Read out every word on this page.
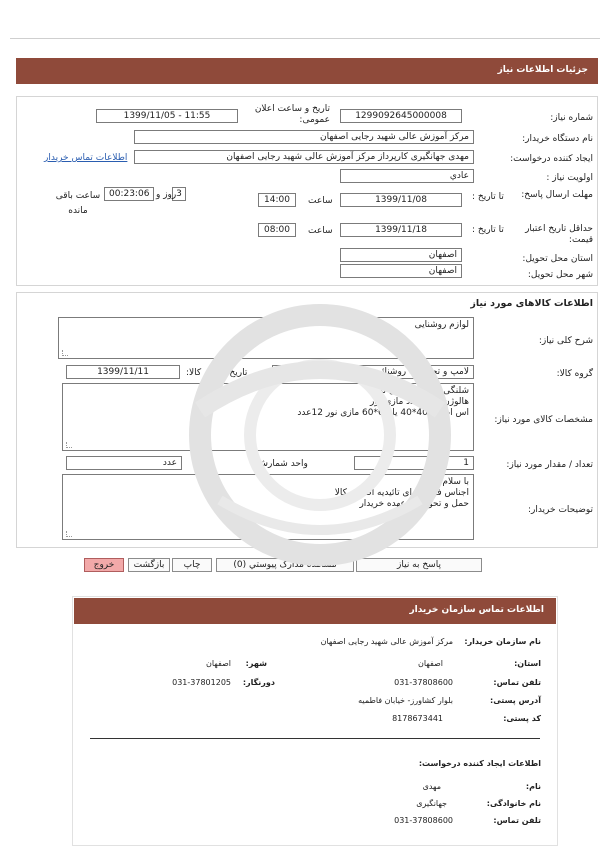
جزئیات اطلاعات نیاز
شماره نیاز:
1299092645000008
تاریخ و ساعت اعلان عمومی:
1399/11/05 - 11:55
نام دستگاه خریدار:
مرکز آموزش عالی شهید رجایی اصفهان
ایجاد کننده درخواست:
مهدی جهانگیری کارپرداز مرکز آموزش عالی شهید رجایی اصفهان
اطلاعات تماس خریدار
اولویت نیاز :
عادي
مهلت ارسال پاسخ:
تا تاریخ :
1399/11/08
ساعت
14:00
3
روز و
00:23:06
ساعت باقی مانده
حداقل تاریخ اعتبار قیمت:
تا تاریخ :
1399/11/18
ساعت
08:00
استان محل تحویل:
اصفهان
شهر محل تحویل:
اصفهان
اطلاعات کالاهای مورد نیاز
شرح کلی نیاز:
لوازم روشنایی
گروه کالا:
لامپ و تجهیزات روشنائی
تاریخ نیاز به کالا:
1399/11/11
مشخصات کالای مورد نیاز:
شلنگی 800متر مازی نور
هالوژن 135 عدد مازی نور
اس ام دی 40*40 یا 60*60 مازی نور 12عدد
تعداد / مقدار مورد نیاز:
1
واحد شمارش:
عدد
توضیحات خریدار:
با سلام
اجناس فوق دارای تائیدیه اصالت کالا
حمل و تحویل بر عهده خریدار
پاسخ به نیاز
مشاهده مدارک پیوستي (0)
چاپ
بازگشت
خروج
اطلاعات تماس سازمان خریدار
نام سازمان خریدار:
مرکز آموزش عالی شهید رجایی اصفهان
استان:
اصفهان
شهر:
اصفهان
تلفن تماس:
031-37808600
دورنگار:
031-37801205
آدرس پستی:
بلوار کشاورز- خیابان فاطمیه
کد پستی:
8178673441
اطلاعات ایجاد کننده درخواست:
نام:
مهدی
نام خانوادگی:
جهانگیری
تلفن تماس:
031-37808600
